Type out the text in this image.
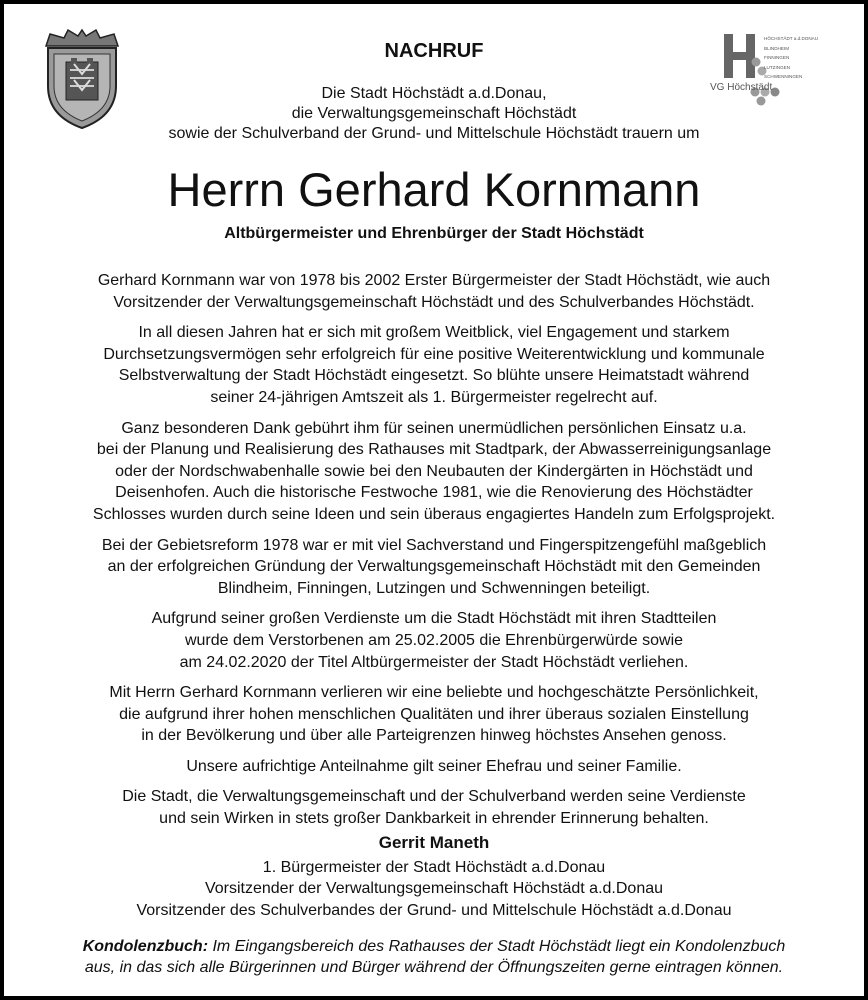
VG Höchstädt
HÖCHSTÄDT a.d.DONAU
BLINDHEIM
FINNINGEN
LUTZINGEN
SCHWENNINGEN
NACHRUF
Die Stadt Höchstädt a.d.Donau,
die Verwaltungsgemeinschaft Höchstädt
sowie der Schulverband der Grund- und Mittelschule Höchstädt trauern um
Herrn Gerhard Kornmann
Altbürgermeister und Ehrenbürger der Stadt Höchstädt

Gerhard Kornmann war von 1978 bis 2002 Erster Bürgermeister der Stadt Höchstädt, wie auch
Vorsitzender der Verwaltungsgemeinschaft Höchstädt und des Schulverbandes Höchstädt.

In all diesen Jahren hat er sich mit großem Weitblick, viel Engagement und starkem
Durchsetzungsvermögen sehr erfolgreich für eine positive Weiterentwicklung und kommunale
Selbstverwaltung der Stadt Höchstädt eingesetzt. So blühte unsere Heimatstadt während
seiner 24-jährigen Amtszeit als 1. Bürgermeister regelrecht auf.

Ganz besonderen Dank gebührt ihm für seinen unermüdlichen persönlichen Einsatz u.a.
bei der Planung und Realisierung des Rathauses mit Stadtpark, der Abwasserreinigungsanlage
oder der Nordschwabenhalle sowie bei den Neubauten der Kindergärten in Höchstädt und
Deisenhofen. Auch die historische Festwoche 1981, wie die Renovierung des Höchstädter
Schlosses wurden durch seine Ideen und sein überaus engagiertes Handeln zum Erfolgsprojekt.

Bei der Gebietsreform 1978 war er mit viel Sachverstand und Fingerspitzengefühl maßgeblich
an der erfolgreichen Gründung der Verwaltungsgemeinschaft Höchstädt mit den Gemeinden
Blindheim, Finningen, Lutzingen und Schwenningen beteiligt.

Aufgrund seiner großen Verdienste um die Stadt Höchstädt mit ihren Stadtteilen
wurde dem Verstorbenen am 25.02.2005 die Ehrenbürgerwürde sowie
am 24.02.2020 der Titel Altbürgermeister der Stadt Höchstädt verliehen.

Mit Herrn Gerhard Kornmann verlieren wir eine beliebte und hochgeschätzte Persönlichkeit,
die aufgrund ihrer hohen menschlichen Qualitäten und ihrer überaus sozialen Einstellung
in der Bevölkerung und über alle Parteigrenzen hinweg höchstes Ansehen genoss.

Unsere aufrichtige Anteilnahme gilt seiner Ehefrau und seiner Familie.

Die Stadt, die Verwaltungsgemeinschaft und der Schulverband werden seine Verdienste
und sein Wirken in stets großer Dankbarkeit in ehrender Erinnerung behalten.

Gerrit Maneth
1. Bürgermeister der Stadt Höchstädt a.d.Donau
Vorsitzender der Verwaltungsgemeinschaft Höchstädt a.d.Donau
Vorsitzender des Schulverbandes der Grund- und Mittelschule Höchstädt a.d.Donau
Kondolenzbuch: Im Eingangsbereich des Rathauses der Stadt Höchstädt liegt ein Kondolenzbuch
aus, in das sich alle Bürgerinnen und Bürger während der Öffnungszeiten gerne eintragen können.
